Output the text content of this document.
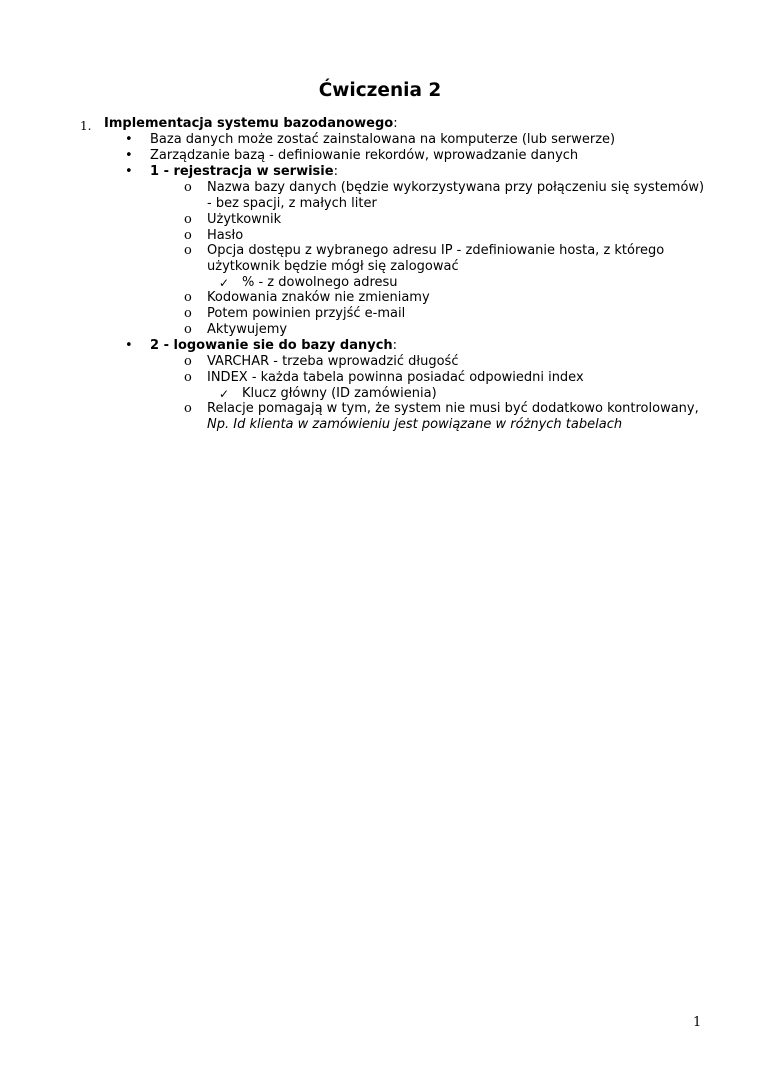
Ćwiczenia 2
1. Implementacja systemu bazodanowego:
• Baza danych może zostać zainstalowana na komputerze (lub serwerze)
• Zarządzanie bazą - definiowanie rekordów, wprowadzanie danych
• 1 - rejestracja w serwisie:
o Nazwa bazy danych (będzie wykorzystywana przy połączeniu się systemów)
- bez spacji, z małych liter
o Użytkownik
o Hasło
o Opcja dostępu z wybranego adresu IP - zdefiniowanie hosta, z którego
użytkownik będzie mógł się zalogować
✓ % - z dowolnego adresu
o Kodowania znaków nie zmieniamy
o Potem powinien przyjść e-mail
o Aktywujemy
• 2 - logowanie sie do bazy danych:
o VARCHAR - trzeba wprowadzić długość
o INDEX - każda tabela powinna posiadać odpowiedni index
✓ Klucz główny (ID zamówienia)
o Relacje pomagają w tym, że system nie musi być dodatkowo kontrolowany,
Np. Id klienta w zamówieniu jest powiązane w różnych tabelach
1
